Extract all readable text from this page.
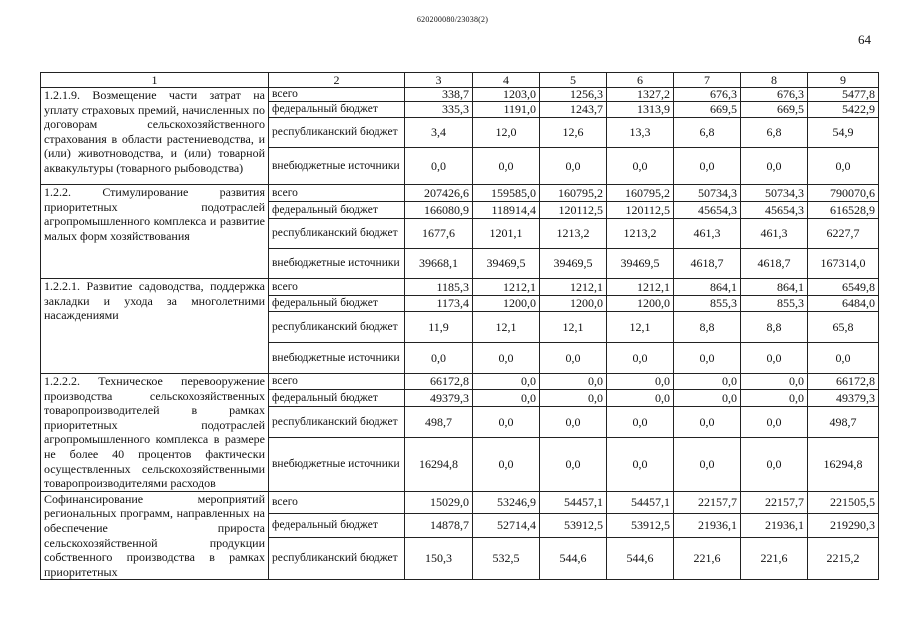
620200080/23038(2)
64
1	2	3	4	5	6	7	8	9
1.2.1.9. Возмещение части затрат на уплату страховых премий, начисленных по договорам сельскохозяйственного страхования в области растениеводства, и (или) животноводства, и (или) товарной аквакультуры (товарного рыбоводства)	всего	338,7	1203,0	1256,3	1327,2	676,3	676,3	5477,8
	федеральный бюджет	335,3	1191,0	1243,7	1313,9	669,5	669,5	5422,9
	республиканский бюджет	3,4	12,0	12,6	13,3	6,8	6,8	54,9
	внебюджетные источники	0,0	0,0	0,0	0,0	0,0	0,0	0,0
1.2.2. Стимулирование развития приоритетных подотраслей агропромышленного комплекса и развитие малых форм хозяйствования	всего	207426,6	159585,0	160795,2	160795,2	50734,3	50734,3	790070,6
	федеральный бюджет	166080,9	118914,4	120112,5	120112,5	45654,3	45654,3	616528,9
	республиканский бюджет	1677,6	1201,1	1213,2	1213,2	461,3	461,3	6227,7
	внебюджетные источники	39668,1	39469,5	39469,5	39469,5	4618,7	4618,7	167314,0
1.2.2.1. Развитие садоводства, поддержка закладки и ухода за многолетними насаждениями	всего	1185,3	1212,1	1212,1	1212,1	864,1	864,1	6549,8
	федеральный бюджет	1173,4	1200,0	1200,0	1200,0	855,3	855,3	6484,0
	республиканский бюджет	11,9	12,1	12,1	12,1	8,8	8,8	65,8
	внебюджетные источники	0,0	0,0	0,0	0,0	0,0	0,0	0,0
1.2.2.2. Техническое перевооружение производства сельскохозяйственных товаропроизводителей в рамках приоритетных подотраслей агропромышленного комплекса в размере не более 40 процентов фактически осуществленных сельскохозяйственными товаропроизводителями расходов	всего	66172,8	0,0	0,0	0,0	0,0	0,0	66172,8
	федеральный бюджет	49379,3	0,0	0,0	0,0	0,0	0,0	49379,3
	республиканский бюджет	498,7	0,0	0,0	0,0	0,0	0,0	498,7
	внебюджетные источники	16294,8	0,0	0,0	0,0	0,0	0,0	16294,8
Софинансирование мероприятий региональных программ, направленных на обеспечение прироста сельскохозяйственной продукции собственного производства в рамках приоритетных	всего	15029,0	53246,9	54457,1	54457,1	22157,7	22157,7	221505,5
	федеральный бюджет	14878,7	52714,4	53912,5	53912,5	21936,1	21936,1	219290,3
	республиканский бюджет	150,3	532,5	544,6	544,6	221,6	221,6	2215,2
